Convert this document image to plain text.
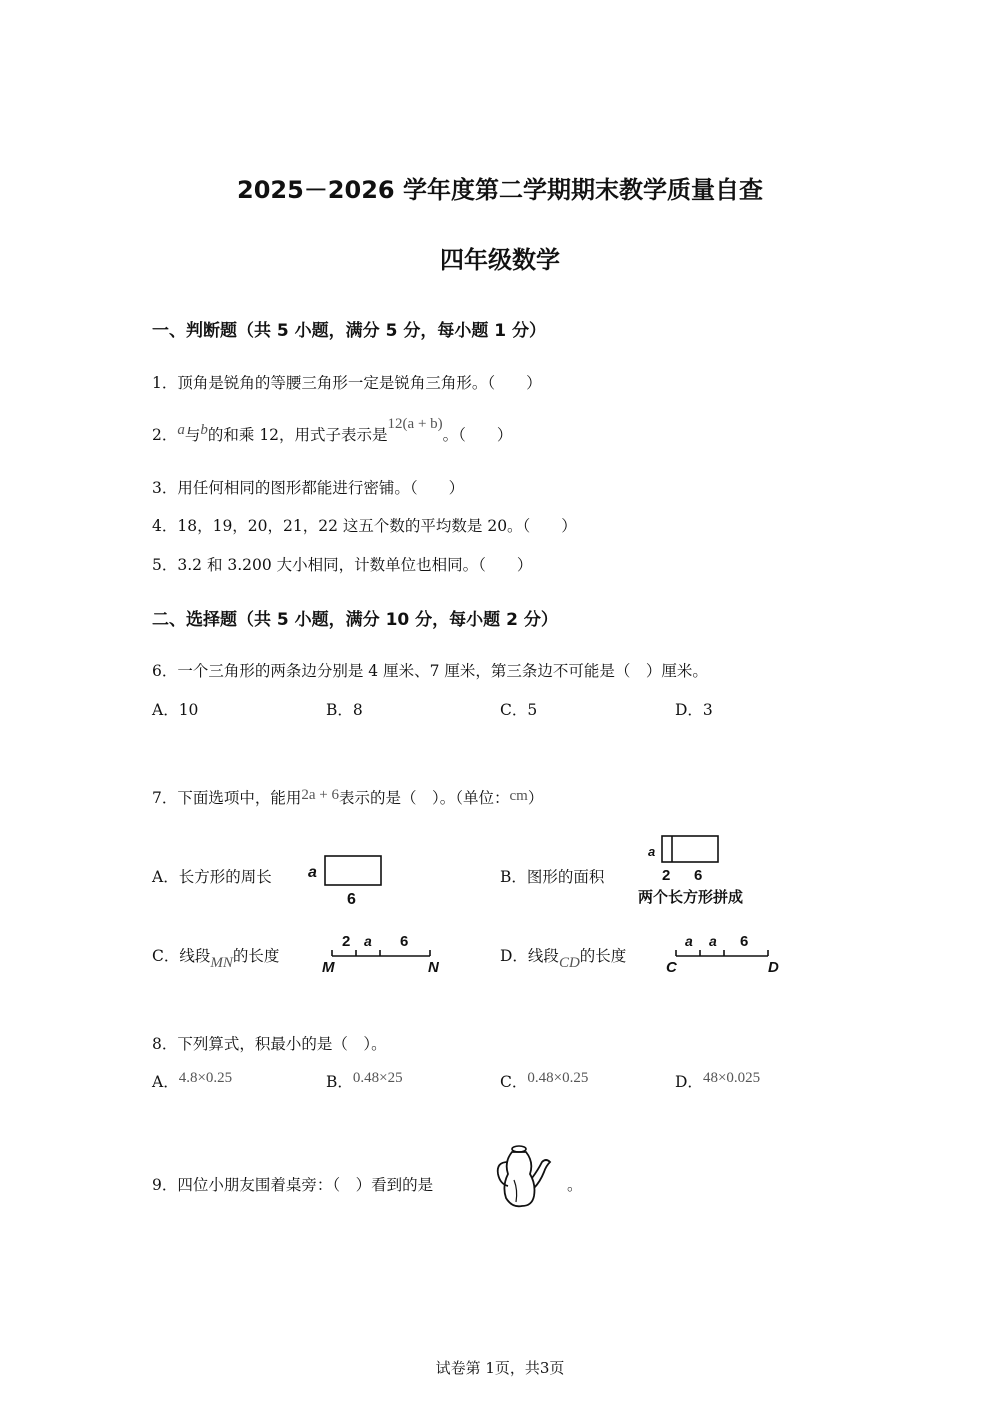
2025－2026 学年度第二学期期末教学质量自查
四年级数学
一、判断题（共 5 小题，满分 5 分，每小题 1 分）
1．顶角是锐角的等腰三角形一定是锐角三角形。（　　）
2．a与b的和乘 12，用式子表示是12(a + b)。（　　）
3．用任何相同的图形都能进行密铺。（　　）
4．18，19，20，21，22 这五个数的平均数是 20。（　　）
5．3.2 和 3.200 大小相同，计数单位也相同。（　　）
二、选择题（共 5 小题，满分 10 分，每小题 2 分）
6．一个三角形的两条边分别是 4 厘米、7 厘米，第三条边不可能是（　）厘米。
A．10	B．8	C．5	D．3
7．下面选项中，能用2a + 6表示的是（　）。（单位：cm）
A．长方形的周长 a
6
B．图形的面积
a
2 6
两个长方形拼成
C．线段MN的长度
2 a 6
M	N
D．线段CD的长度
a a 6
C	D
8．下列算式，积最小的是（　）。
A．4.8×0.25	B．0.48×25	C．0.48×0.25	D．48×0.025
9．四位小朋友围着桌旁：（　）看到的是	。
试卷第 1页，共3页
